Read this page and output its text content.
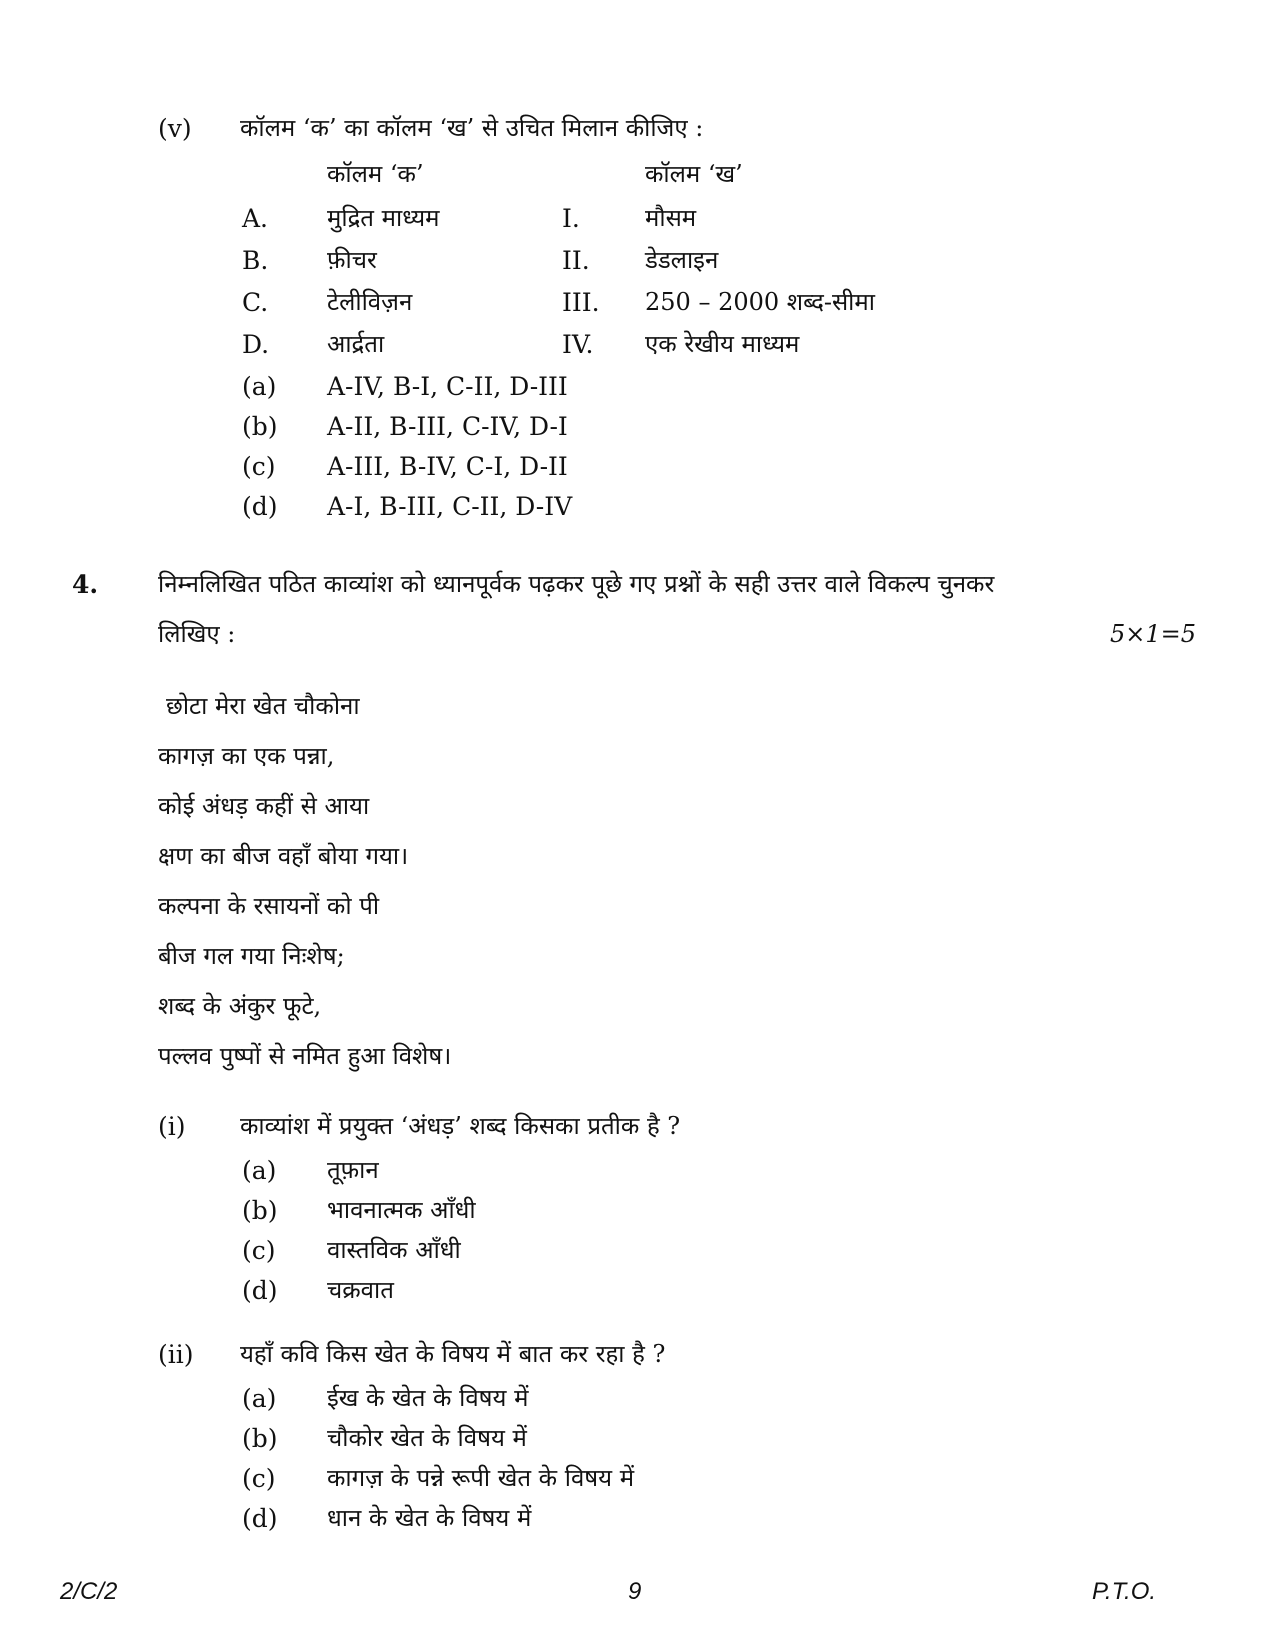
(v) कॉलम ‘क’ का कॉलम ‘ख’ से उचित मिलान कीजिए :
कॉलम ‘क’	कॉलम ‘ख’
A. मुद्रित माध्यम	I.	मौसम
B. फ़ीचर	II. डेडलाइन
C. टेलीविज़न	III. 250 – 2000 शब्द-सीमा
D. आर्द्रता	IV. एक रेखीय माध्यम
(a) A-IV, B-I, C-II, D-III
(b) A-II, B-III, C-IV, D-I
(c) A-III, B-IV, C-I, D-II
(d) A-I, B-III, C-II, D-IV
4. निम्नलिखित पठित काव्यांश को ध्यानपूर्वक पढ़कर पूछे गए प्रश्नों के सही उत्तर वाले विकल्प चुनकर
लिखिए :	5×1=5
छोटा मेरा खेत चौकोना
कागज़ का एक पन्ना,
कोई अंधड़ कहीं से आया
क्षण का बीज वहाँ बोया गया।
कल्पना के रसायनों को पी
बीज गल गया निःशेष;
शब्द के अंकुर फूटे,
पल्लव पुष्पों से नमित हुआ विशेष।
(i) काव्यांश में प्रयुक्त ‘अंधड़’ शब्द किसका प्रतीक है ?
(a) तूफ़ान
(b) भावनात्मक आँधी
(c) वास्तविक आँधी
(d) चक्रवात
(ii) यहाँ कवि किस खेत के विषय में बात कर रहा है ?
(a) ईख के खेत के विषय में
(b) चौकोर खेत के विषय में
(c) कागज़ के पन्ने रूपी खेत के विषय में
(d) धान के खेत के विषय में
2/C/2	9	P.T.O.
